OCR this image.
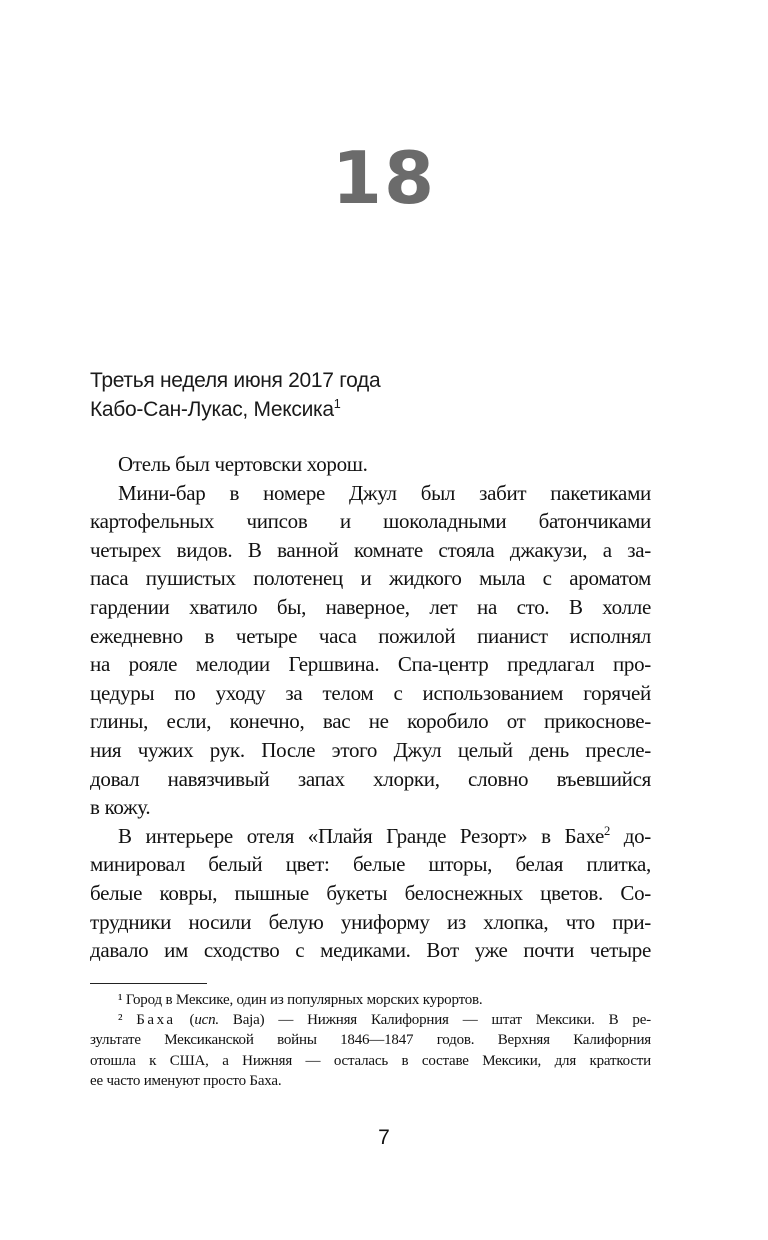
18
Третья неделя июня 2017 года
Кабо-Сан-Лукас, Мексика$^1$
Отель был чертовски хорош.
Мини-бар в номере Джул был забит пакетиками
картофельных чипсов и шоколадными батончиками
четырех видов. В ванной комнате стояла джакузи, а за-
паса пушистых полотенец и жидкого мыла с ароматом
гардении хватило бы, наверное, лет на сто. В холле
ежедневно в четыре часа пожилой пианист исполнял
на рояле мелодии Гершвина. Спа-центр предлагал про-
цедуры по уходу за телом с использованием горячей
глины, если, конечно, вас не коробило от прикоснове-
ния чужих рук. После этого Джул целый день пресле-
довал навязчивый запах хлорки, словно въевшийся
в кожу.
В интерьере отеля «Плайя Гранде Резорт» в Бахе$^2$ до-
минировал белый цвет: белые шторы, белая плитка,
белые ковры, пышные букеты белоснежных цветов. Со-
трудники носили белую униформу из хлопка, что при-
давало им сходство с медиками. Вот уже почти четыре
¹ Город в Мексике, один из популярных морских курортов.
² Баха (исп. Baja) — Нижняя Калифорния — штат Мексики. В ре-
зультате Мексиканской войны 1846—1847 годов. Верхняя Калифорния
отошла к США, а Нижняя — осталась в составе Мексики, для краткости
ее часто именуют просто Баха.
7
